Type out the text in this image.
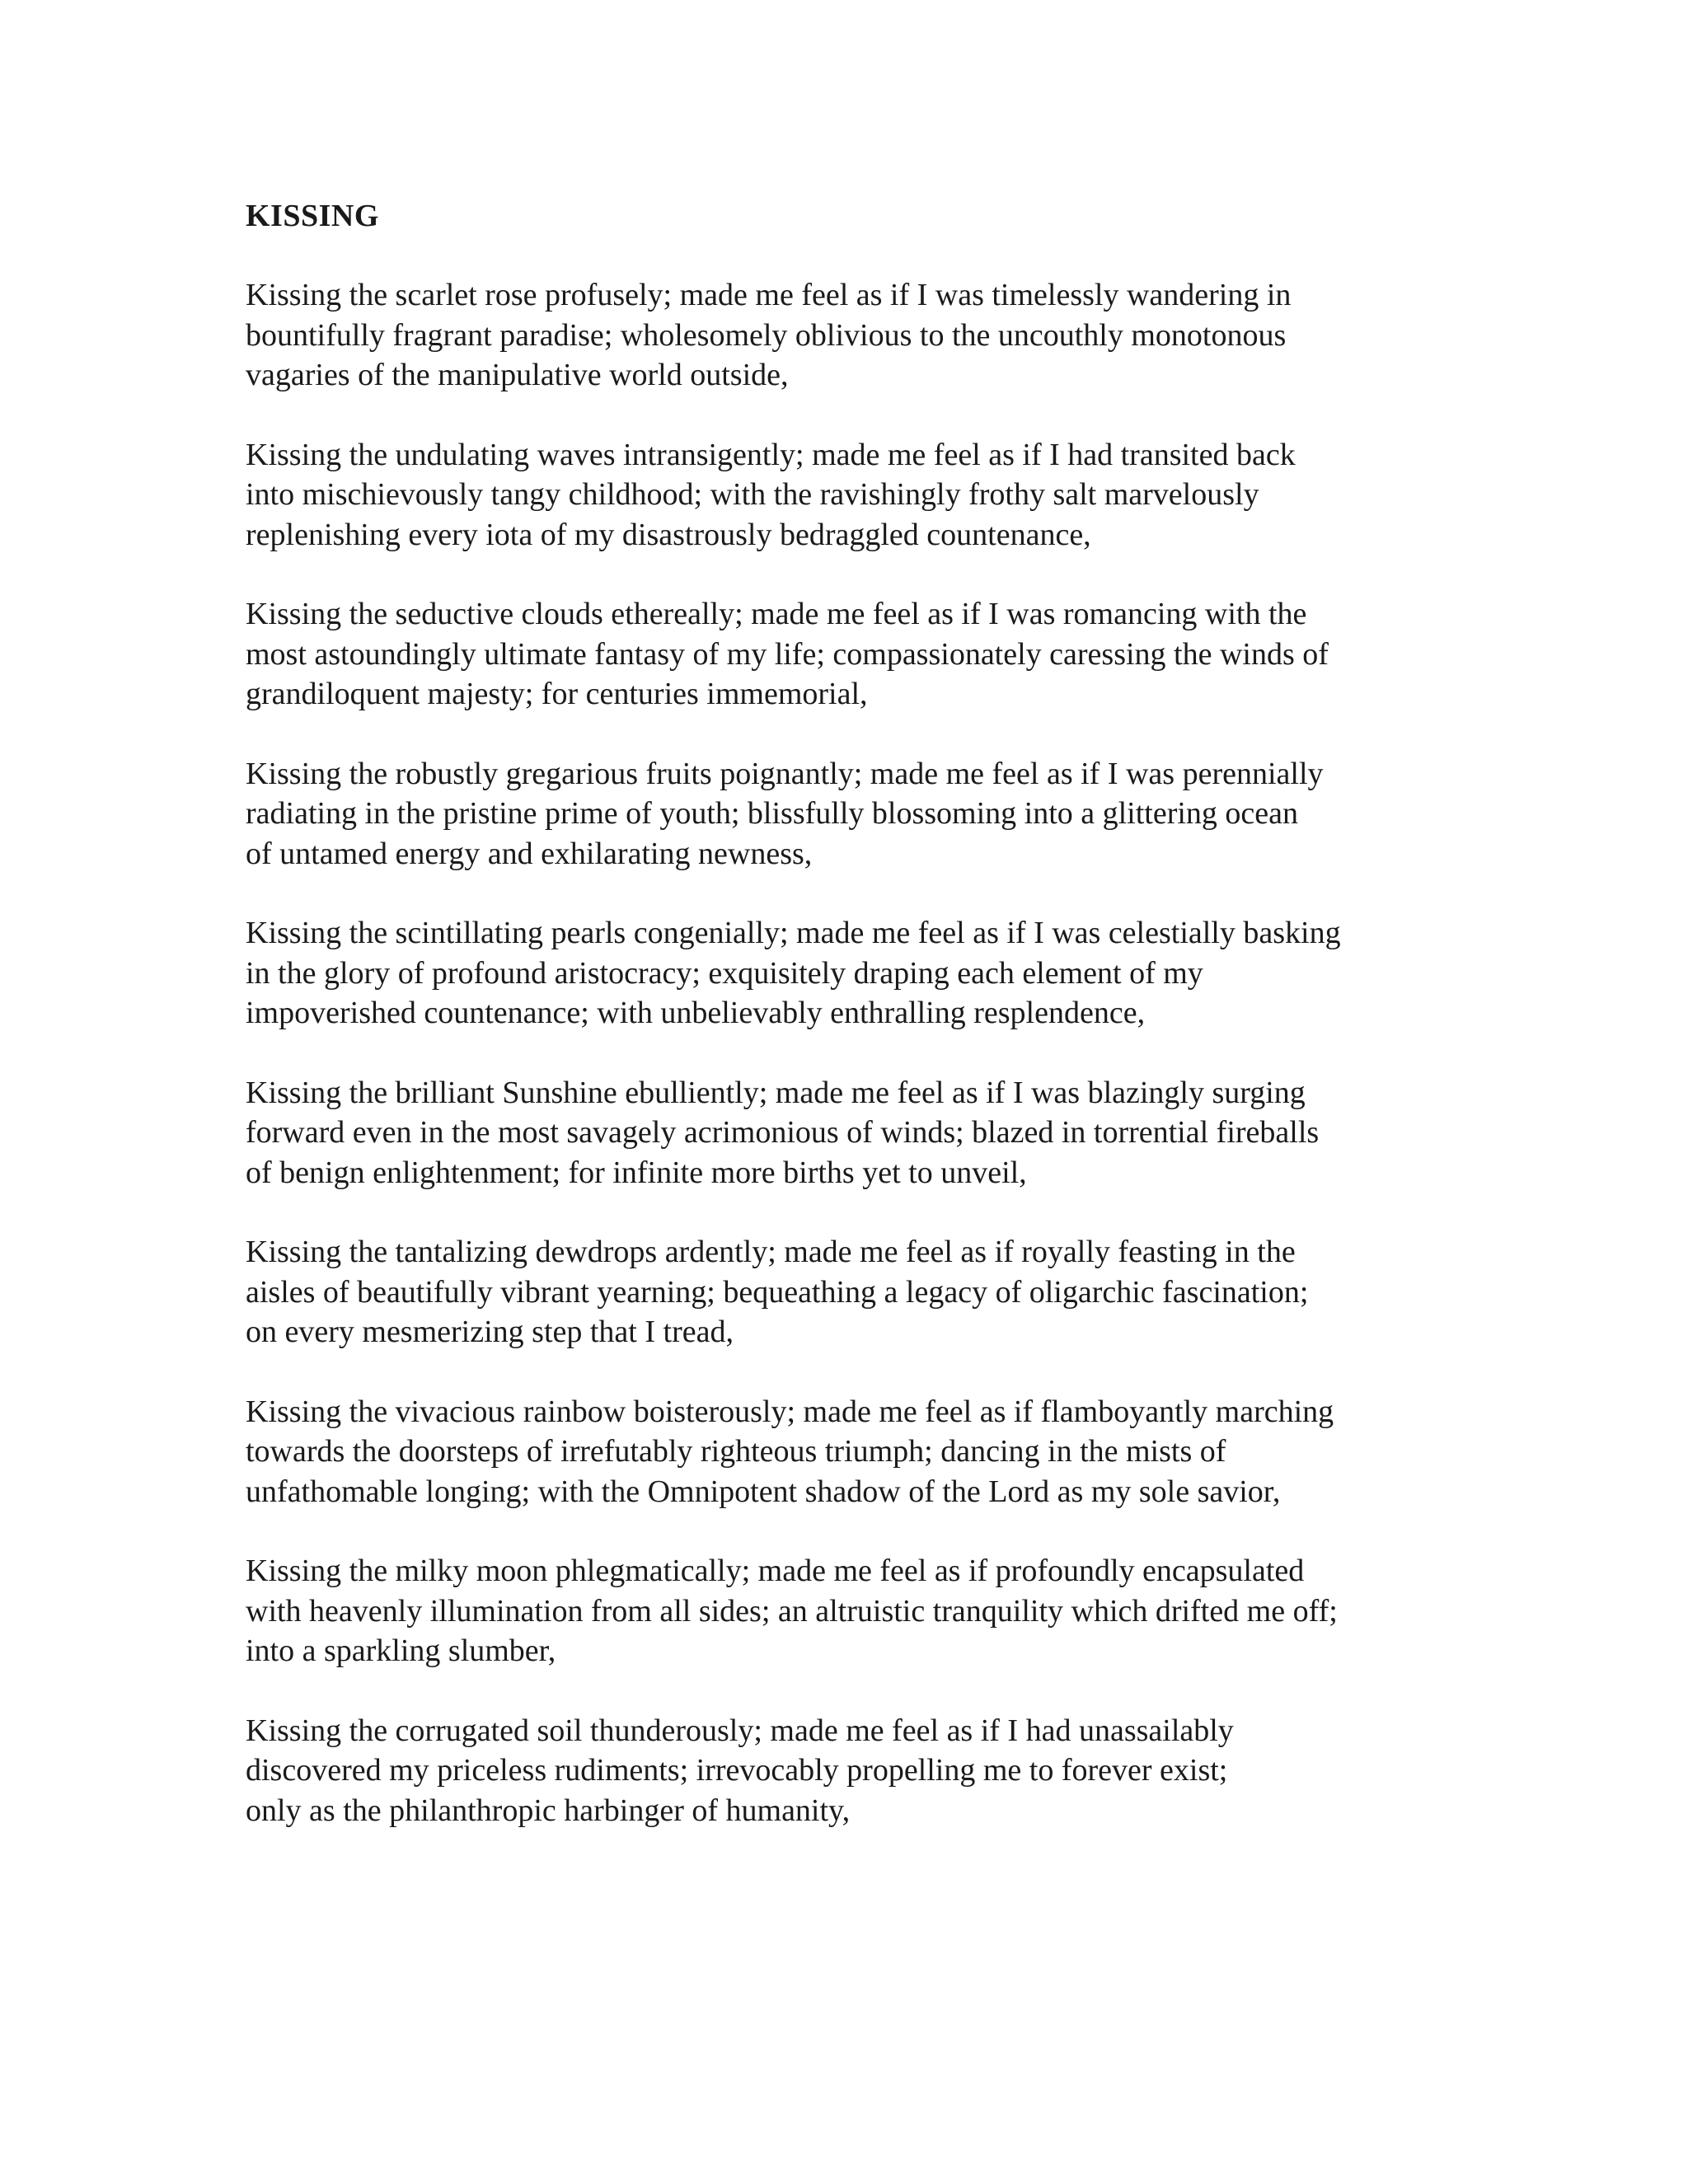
KISSING
Kissing the scarlet rose profusely; made me feel as if I was timelessly wandering in
bountifully fragrant paradise; wholesomely oblivious to the uncouthly monotonous
vagaries of the manipulative world outside,
Kissing the undulating waves intransigently; made me feel as if I had transited back
into mischievously tangy childhood; with the ravishingly frothy salt marvelously
replenishing every iota of my disastrously bedraggled countenance,
Kissing the seductive clouds ethereally; made me feel as if I was romancing with the
most astoundingly ultimate fantasy of my life; compassionately caressing the winds of
grandiloquent majesty; for centuries immemorial,
Kissing the robustly gregarious fruits poignantly; made me feel as if I was perennially
radiating in the pristine prime of youth; blissfully blossoming into a glittering ocean
of untamed energy and exhilarating newness,
Kissing the scintillating pearls congenially; made me feel as if I was celestially basking
in the glory of profound aristocracy; exquisitely draping each element of my
impoverished countenance; with unbelievably enthralling resplendence,
Kissing the brilliant Sunshine ebulliently; made me feel as if I was blazingly surging
forward even in the most savagely acrimonious of winds; blazed in torrential fireballs
of benign enlightenment; for infinite more births yet to unveil,
Kissing the tantalizing dewdrops ardently; made me feel as if royally feasting in the
aisles of beautifully vibrant yearning; bequeathing a legacy of oligarchic fascination;
on every mesmerizing step that I tread,
Kissing the vivacious rainbow boisterously; made me feel as if flamboyantly marching
towards the doorsteps of irrefutably righteous triumph; dancing in the mists of
unfathomable longing; with the Omnipotent shadow of the Lord as my sole savior,
Kissing the milky moon phlegmatically; made me feel as if profoundly encapsulated
with heavenly illumination from all sides; an altruistic tranquility which drifted me off;
into a sparkling slumber,
Kissing the corrugated soil thunderously; made me feel as if I had unassailably
discovered my priceless rudiments; irrevocably propelling me to forever exist;
only as the philanthropic harbinger of humanity,
